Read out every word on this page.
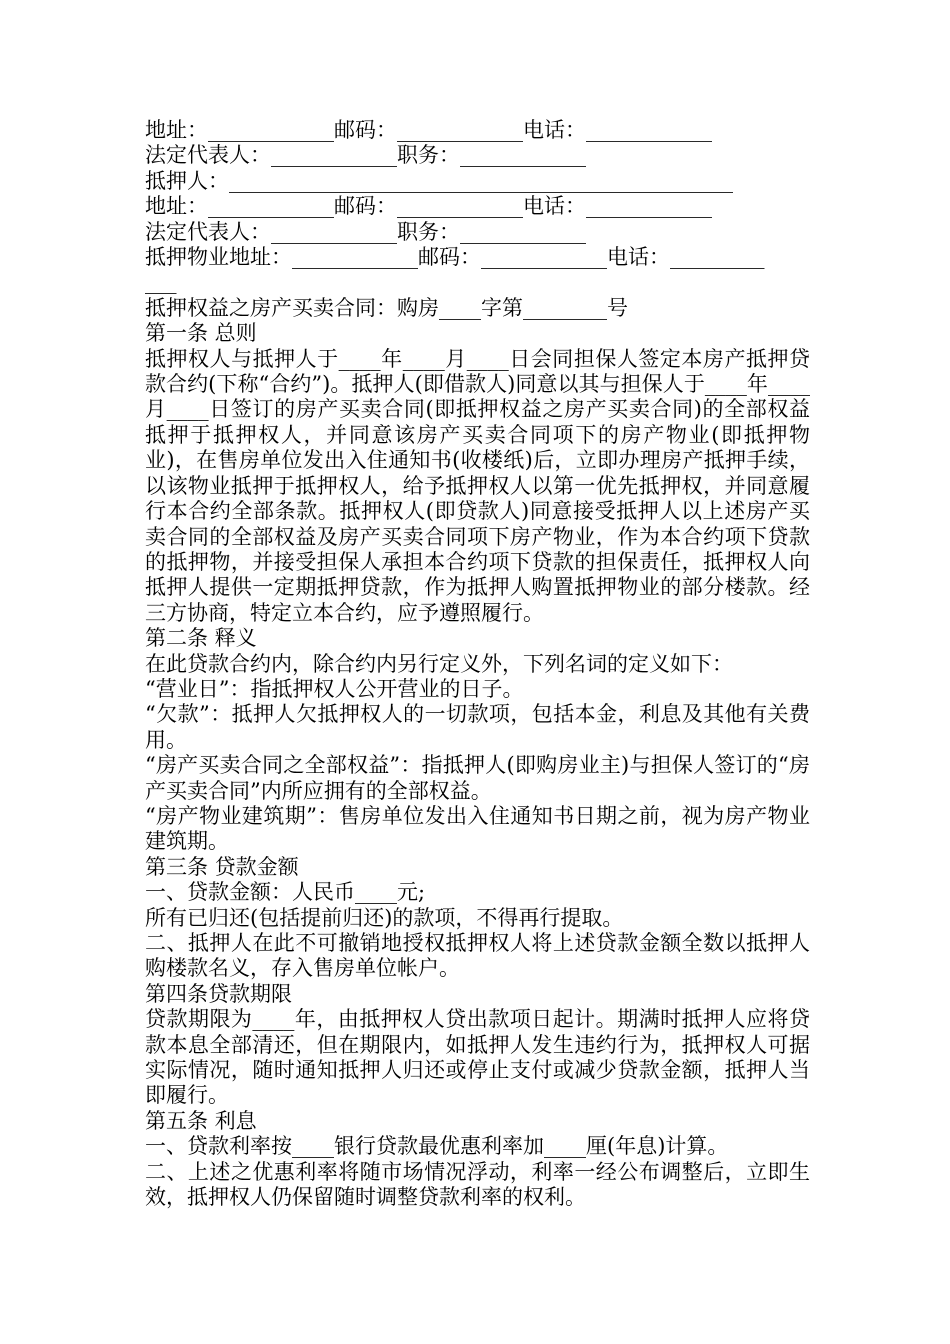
地址：____________邮码：____________电话：____________

法定代表人：____________职务：____________

抵押人：________________________________________________

地址：____________邮码：____________电话：____________

法定代表人：____________职务：____________

抵押物业地址：____________邮码：____________电话：_________

___

抵押权益之房产买卖合同：购房____字第________号

第一条 总则

抵押权人与抵押人于____年____月____日会同担保人签定本房产抵押贷款合约(下称“合约”)。抵押人(即借款人)同意以其与担保人于____年____月____日签订的房产买卖合同(即抵押权益之房产买卖合同)的全部权益抵押于抵押权人，并同意该房产买卖合同项下的房产物业(即抵押物业)，在售房单位发出入住通知书(收楼纸)后，立即办理房产抵押手续，以该物业抵押于抵押权人，给予抵押权人以第一优先抵押权，并同意履行本合约全部条款。抵押权人(即贷款人)同意接受抵押人以上述房产买卖合同的全部权益及房产买卖合同项下房产物业，作为本合约项下贷款的抵押物，并接受担保人承担本合约项下贷款的担保责任，抵押权人向抵押人提供一定期抵押贷款，作为抵押人购置抵押物业的部分楼款。经三方协商，特定立本合约，应予遵照履行。

第二条 释义

在此贷款合约内，除合约内另行定义外，下列名词的定义如下：

“营业日”：指抵押权人公开营业的日子。

“欠款”：抵押人欠抵押权人的一切款项，包括本金，利息及其他有关费用。

“房产买卖合同之全部权益”：指抵押人(即购房业主)与担保人签订的“房产买卖合同”内所应拥有的全部权益。

“房产物业建筑期”：售房单位发出入住通知书日期之前，视为房产物业建筑期。

第三条 贷款金额

一、贷款金额：人民币____元;

所有已归还(包括提前归还)的款项，不得再行提取。

二、抵押人在此不可撤销地授权抵押权人将上述贷款金额全数以抵押人购楼款名义，存入售房单位帐户。

第四条贷款期限

贷款期限为____年，由抵押权人贷出款项日起计。期满时抵押人应将贷款本息全部清还，但在期限内，如抵押人发生违约行为，抵押权人可据实际情况，随时通知抵押人归还或停止支付或减少贷款金额，抵押人当即履行。

第五条 利息

一、贷款利率按____银行贷款最优惠利率加____厘(年息)计算。

二、上述之优惠利率将随市场情况浮动，利率一经公布调整后，立即生效，抵押权人仍保留随时调整贷款利率的权利。
